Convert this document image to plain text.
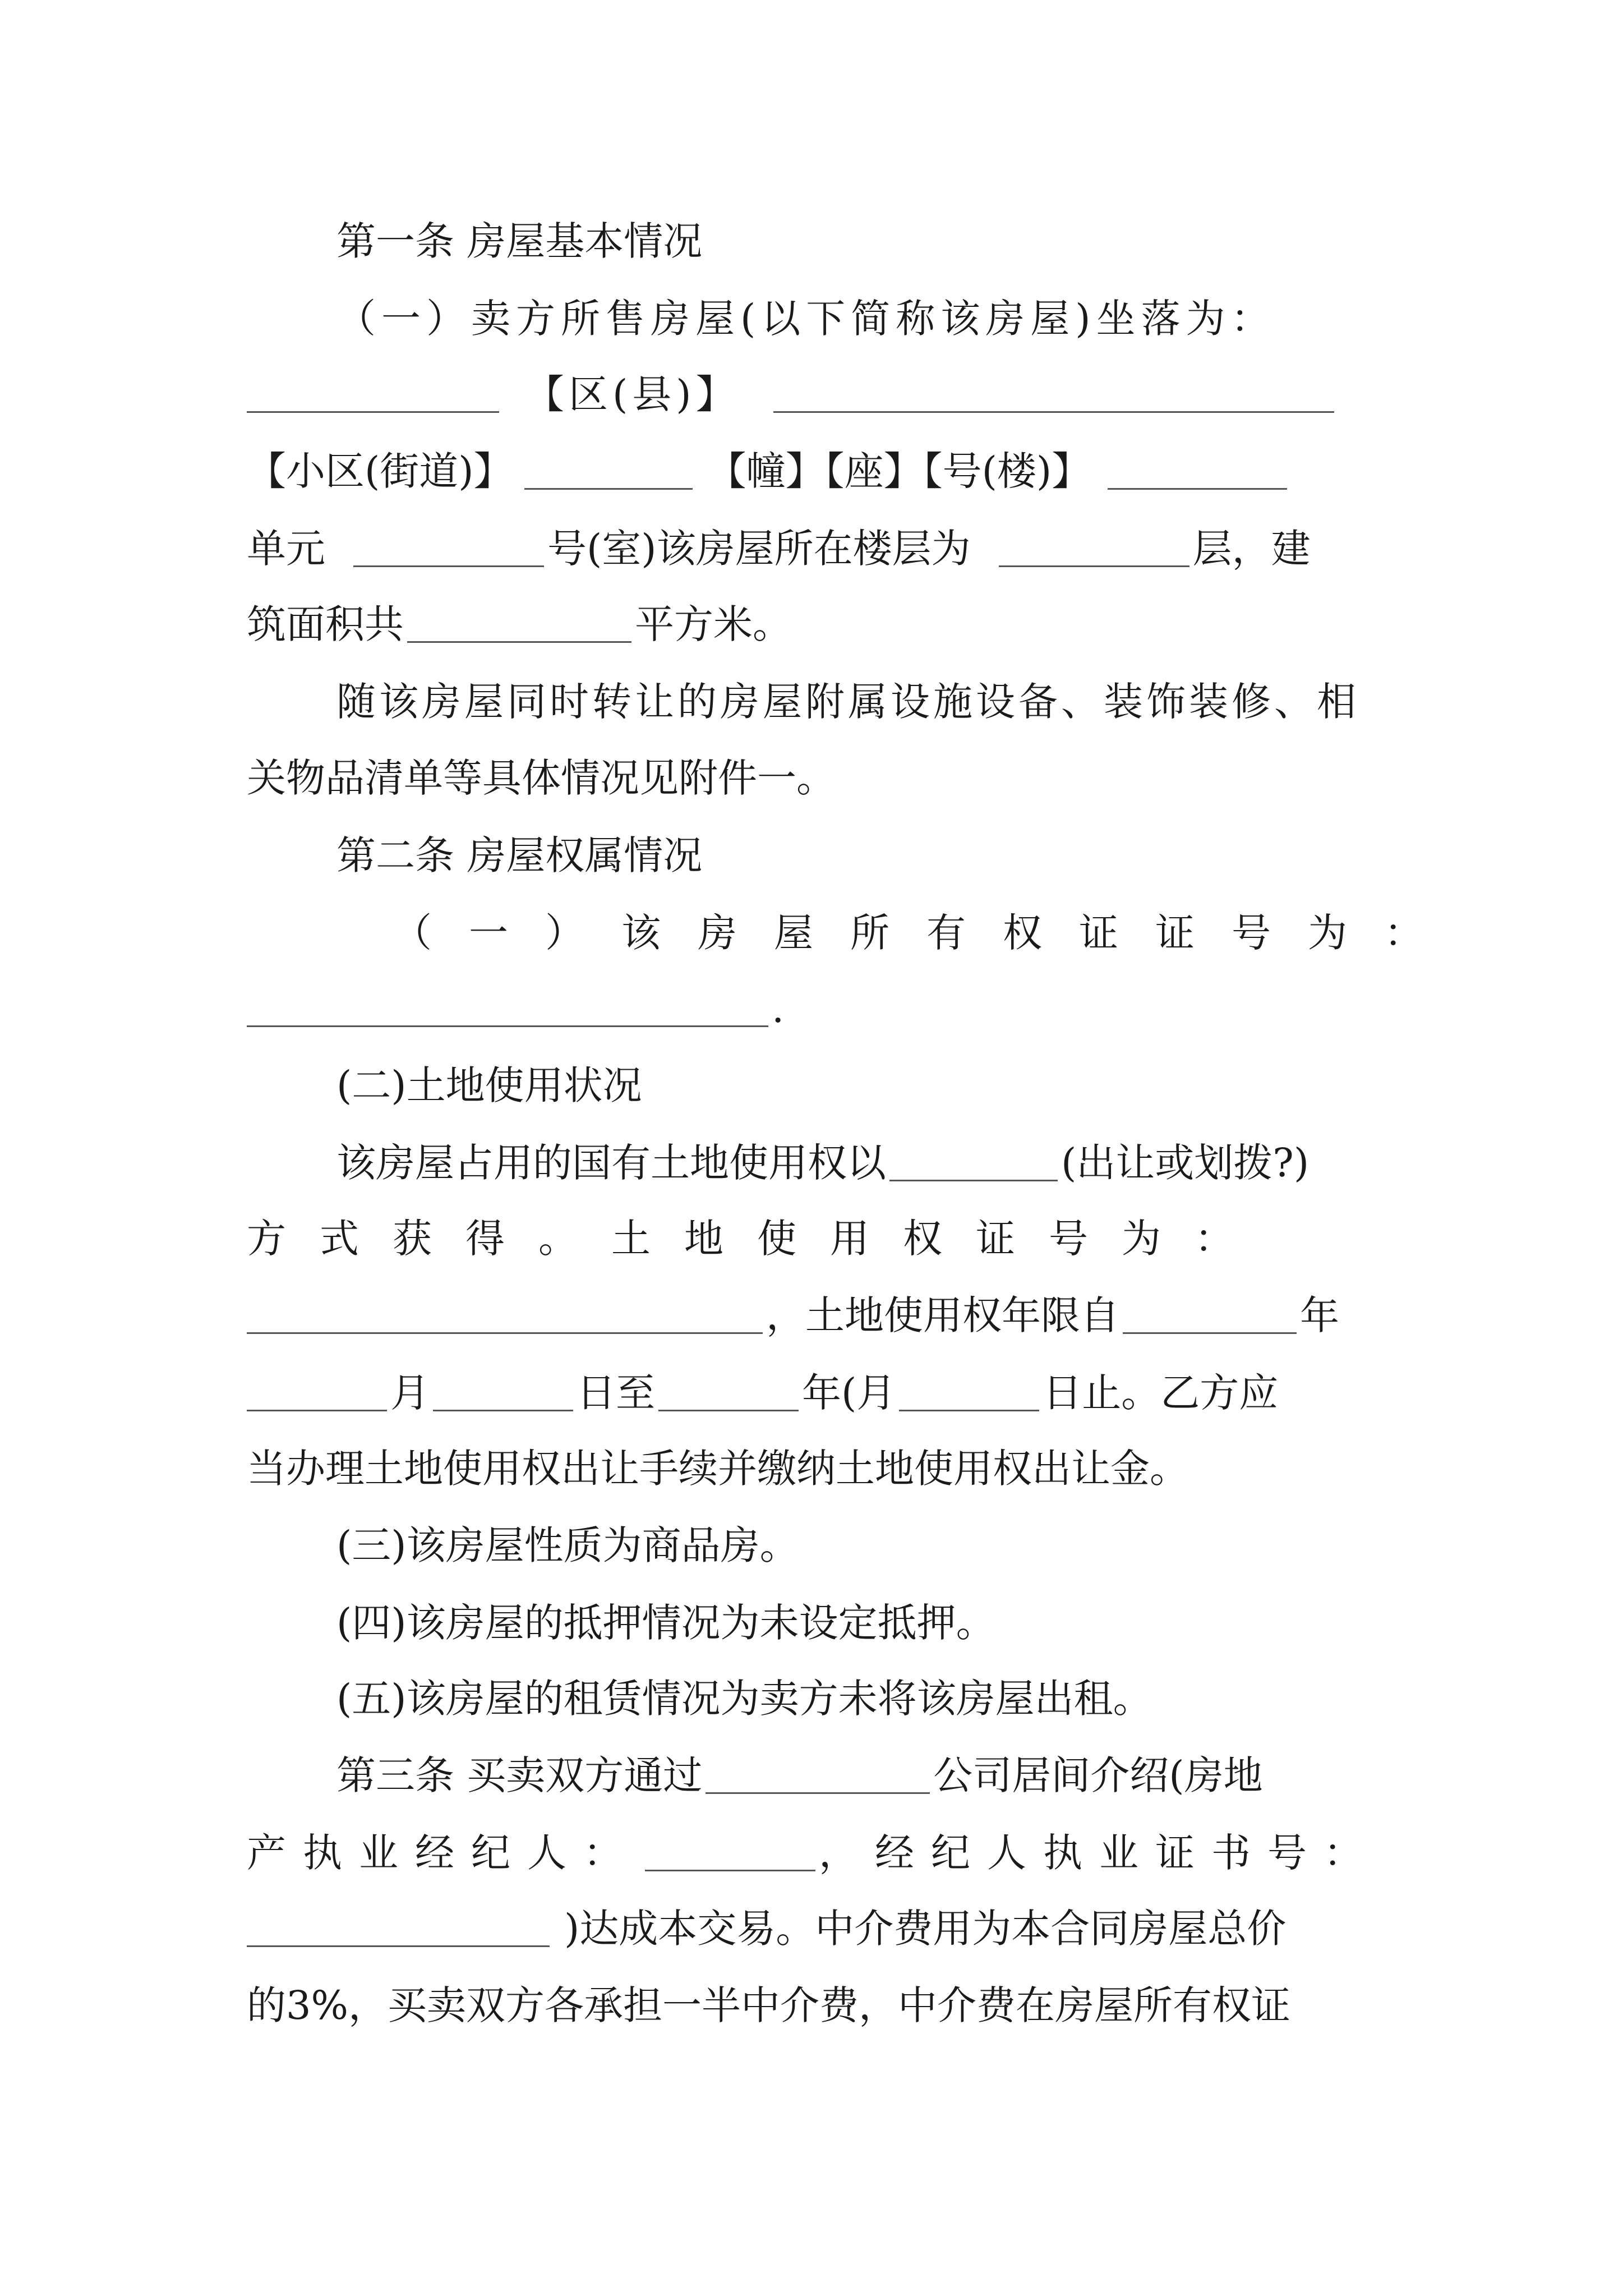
第一条 房屋基本情况
（一）卖方所售房屋(以下简称该房屋)坐落为：
【区(县)】
【小区(街道)】	【幢】【座】【号(楼)】
单元	号(室)该房屋所在楼层为	层，建
筑面积共	平方米。
随该房屋同时转让的房屋附属设施设备、装饰装修、相
关物品清单等具体情况见附件一。
第二条 房屋权属情况
（一）该房屋所有权证证号为：
.
(二)土地使用状况
该房屋占用的国有土地使用权以	(出让或划拨?)
方式获得。土地使用权证号为：
，土地使用权年限自	年
月	日至	年(月	日止。乙方应
当办理土地使用权出让手续并缴纳土地使用权出让金。
(三)该房屋性质为商品房。
(四)该房屋的抵押情况为未设定抵押。
(五)该房屋的租赁情况为卖方未将该房屋出租。
第三条 买卖双方通过	公司居间介绍(房地
产执业经纪人：	，经纪人执业证书号：
)达成本交易。中介费用为本合同房屋总价
的3%，买卖双方各承担一半中介费，中介费在房屋所有权证
